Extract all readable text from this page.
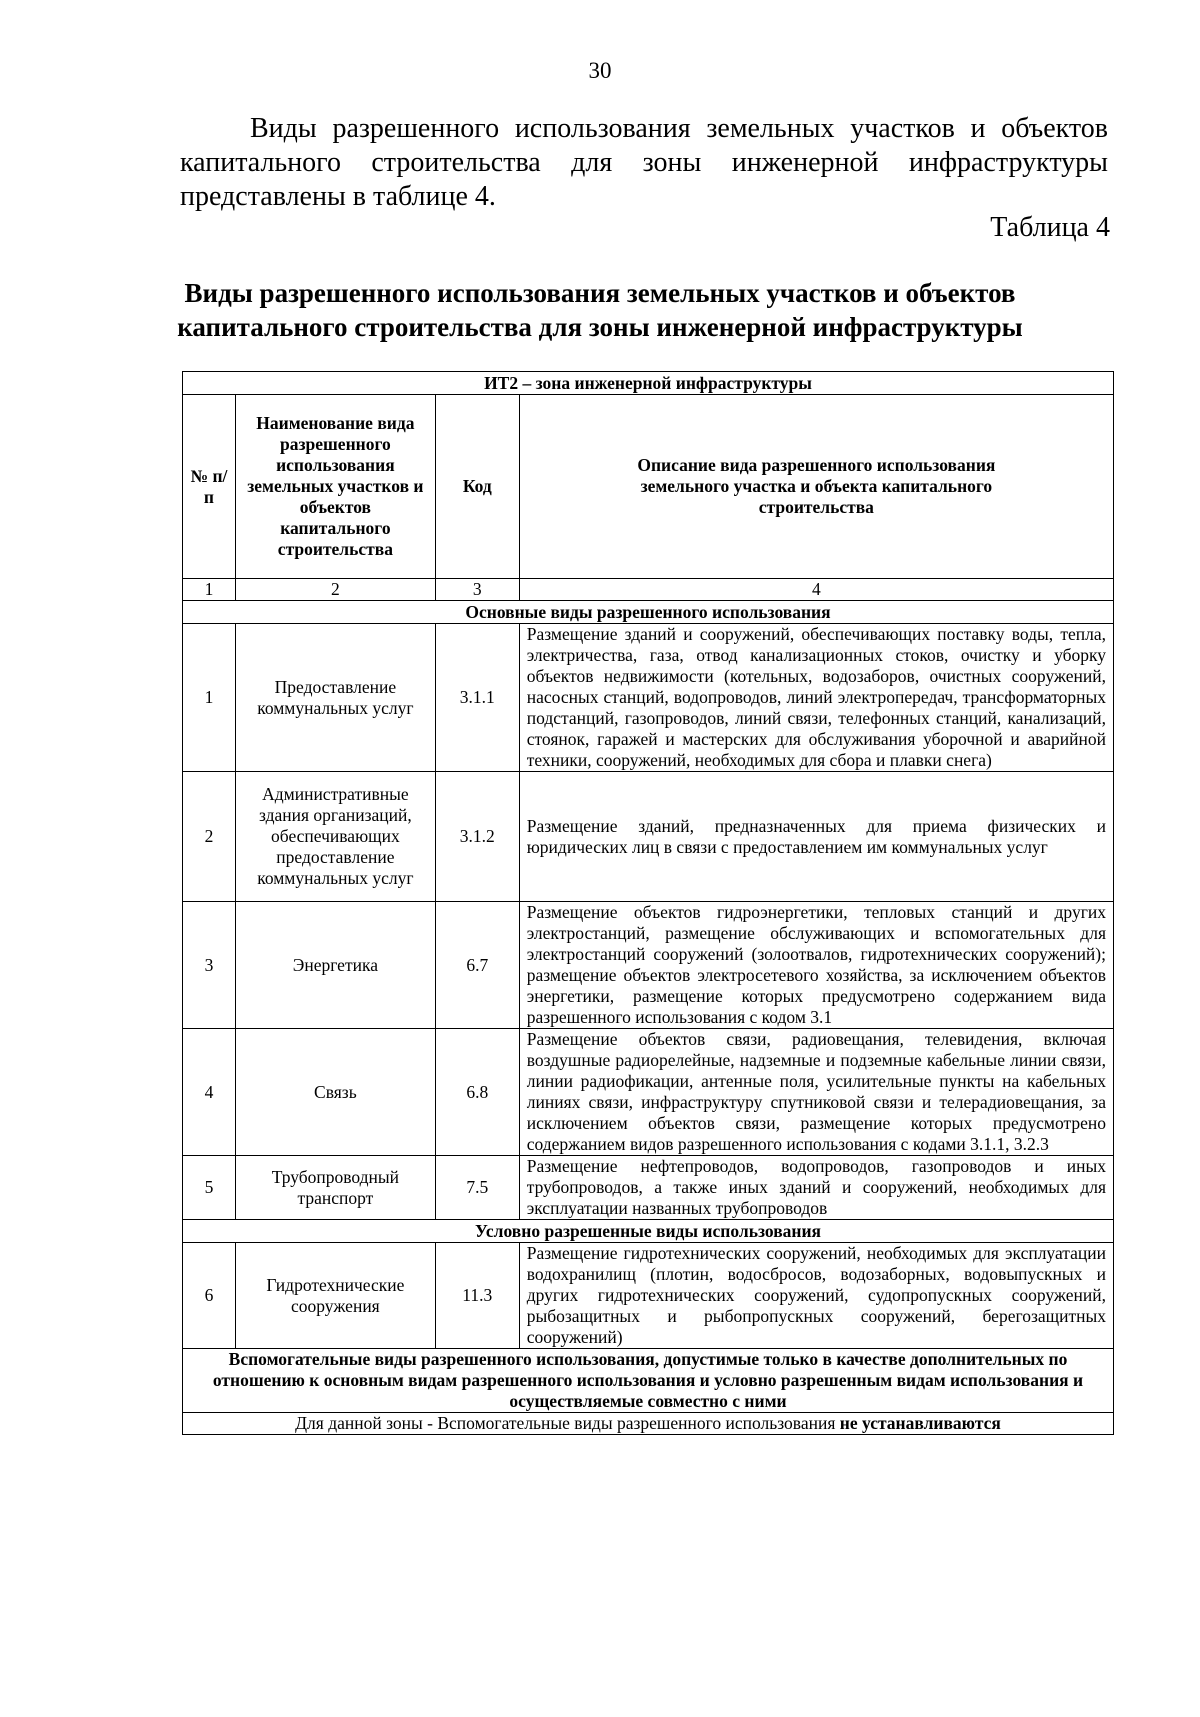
30

Виды разрешенного использования земельных участков и объектов капитального строительства для зоны инженерной инфраструктуры представлены в таблице 4.

Таблица 4
Виды разрешенного использования земельных участков и объектов
капитального строительства для зоны инженерной инфраструктуры
ИТ2 – зона инженерной инфраструктуры			
№ п/п	Наименование вида разрешенного использования земельных участков и объектов капитального строительства	Код	Описание вида разрешенного использования земельного участка и объекта капитального строительства
1	2	3	4
Основные виды разрешенного использования			
1	Предоставление коммунальных услуг	3.1.1	Размещение зданий и сооружений, обеспечивающих поставку воды, тепла, электричества, газа, отвод канализационных стоков, очистку и уборку объектов недвижимости (котельных, водозаборов, очистных сооружений, насосных станций, водопроводов, линий электропередач, трансформаторных подстанций, газопроводов, линий связи, телефонных станций, канализаций, стоянок, гаражей и мастерских для обслуживания уборочной и аварийной техники, сооружений, необходимых для сбора и плавки снега)
2	Административные здания организаций, обеспечивающих предоставление коммунальных услуг	3.1.2	Размещение зданий, предназначенных для приема физических и юридических лиц в связи с предоставлением им коммунальных услуг
3	Энергетика	6.7	Размещение объектов гидроэнергетики, тепловых станций и других электростанций, размещение обслуживающих и вспомогательных для электростанций сооружений (золоотвалов, гидротехнических сооружений); размещение объектов электросетевого хозяйства, за исключением объектов энергетики, размещение которых предусмотрено содержанием вида разрешенного использования с кодом 3.1
4	Связь	6.8	Размещение объектов связи, радиовещания, телевидения, включая воздушные радиорелейные, надземные и подземные кабельные линии связи, линии радиофикации, антенные поля, усилительные пункты на кабельных линиях связи, инфраструктуру спутниковой связи и телерадиовещания, за исключением объектов связи, размещение которых предусмотрено содержанием видов разрешенного использования с кодами 3.1.1, 3.2.3
5	Трубопроводный транспорт	7.5	Размещение нефтепроводов, водопроводов, газопроводов и иных трубопроводов, а также иных зданий и сооружений, необходимых для эксплуатации названных трубопроводов
Условно разрешенные виды использования			
6	Гидротехнические сооружения	11.3	Размещение гидротехнических сооружений, необходимых для эксплуатации водохранилищ (плотин, водосбросов, водозаборных, водовыпускных и других гидротехнических сооружений, судопропускных сооружений, рыбозащитных и рыбопропускных сооружений, берегозащитных сооружений)
Вспомогательные виды разрешенного использования, допустимые только в качестве дополнительных по отношению к основным видам разрешенного использования и условно разрешенным видам использования и осуществляемые совместно с ними			
Для данной зоны - Вспомогательные виды разрешенного использования не устанавливаются			
